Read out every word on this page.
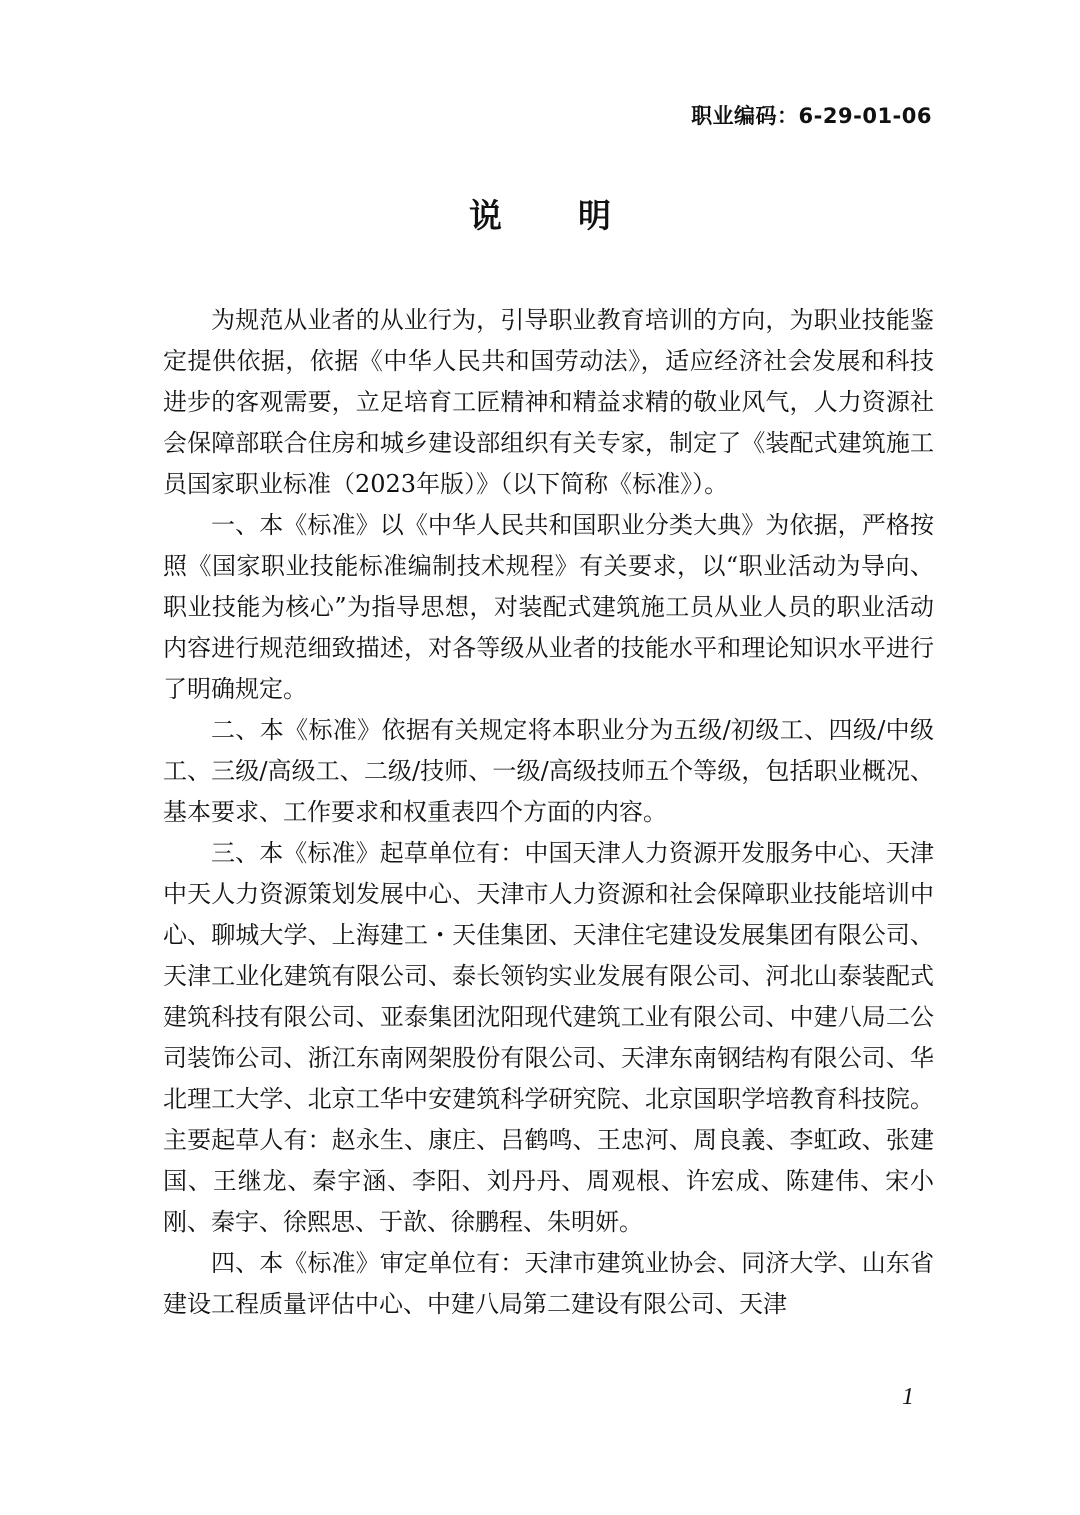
职业编码：6-29-01-06
说明

为规范从业者的从业行为，引导职业教育培训的方向，为职业技能鉴定提供依据，依据《中华人民共和国劳动法》，适应经济社会发展和科技进步的客观需要，立足培育工匠精神和精益求精的敬业风气，人力资源社会保障部联合住房和城乡建设部组织有关专家，制定了《装配式建筑施工员国家职业标准（2023年版）》（以下简称《标准》）。

一、本《标准》以《中华人民共和国职业分类大典》为依据，严格按照《国家职业技能标准编制技术规程》有关要求，以“职业活动为导向、职业技能为核心”为指导思想，对装配式建筑施工员从业人员的职业活动内容进行规范细致描述，对各等级从业者的技能水平和理论知识水平进行了明确规定。

二、本《标准》依据有关规定将本职业分为五级/初级工、四级/中级工、三级/高级工、二级/技师、一级/高级技师五个等级，包括职业概况、基本要求、工作要求和权重表四个方面的内容。

三、本《标准》起草单位有：中国天津人力资源开发服务中心、天津中天人力资源策划发展中心、天津市人力资源和社会保障职业技能培训中心、聊城大学、上海建工・天佳集团、天津住宅建设发展集团有限公司、天津工业化建筑有限公司、泰长领钧实业发展有限公司、河北山泰装配式建筑科技有限公司、亚泰集团沈阳现代建筑工业有限公司、中建八局二公司装饰公司、浙江东南网架股份有限公司、天津东南钢结构有限公司、华北理工大学、北京工华中安建筑科学研究院、北京国职学培教育科技院。主要起草人有：赵永生、康庄、吕鹤鸣、王忠河、周良義、李虹政、张建国、王继龙、秦宇涵、李阳、刘丹丹、周观根、许宏成、陈建伟、宋小刚、秦宇、徐熙思、于歆、徐鹏程、朱明妍。

四、本《标准》审定单位有：天津市建筑业协会、同济大学、山东省建设工程质量评估中心、中建八局第二建设有限公司、天津

1
